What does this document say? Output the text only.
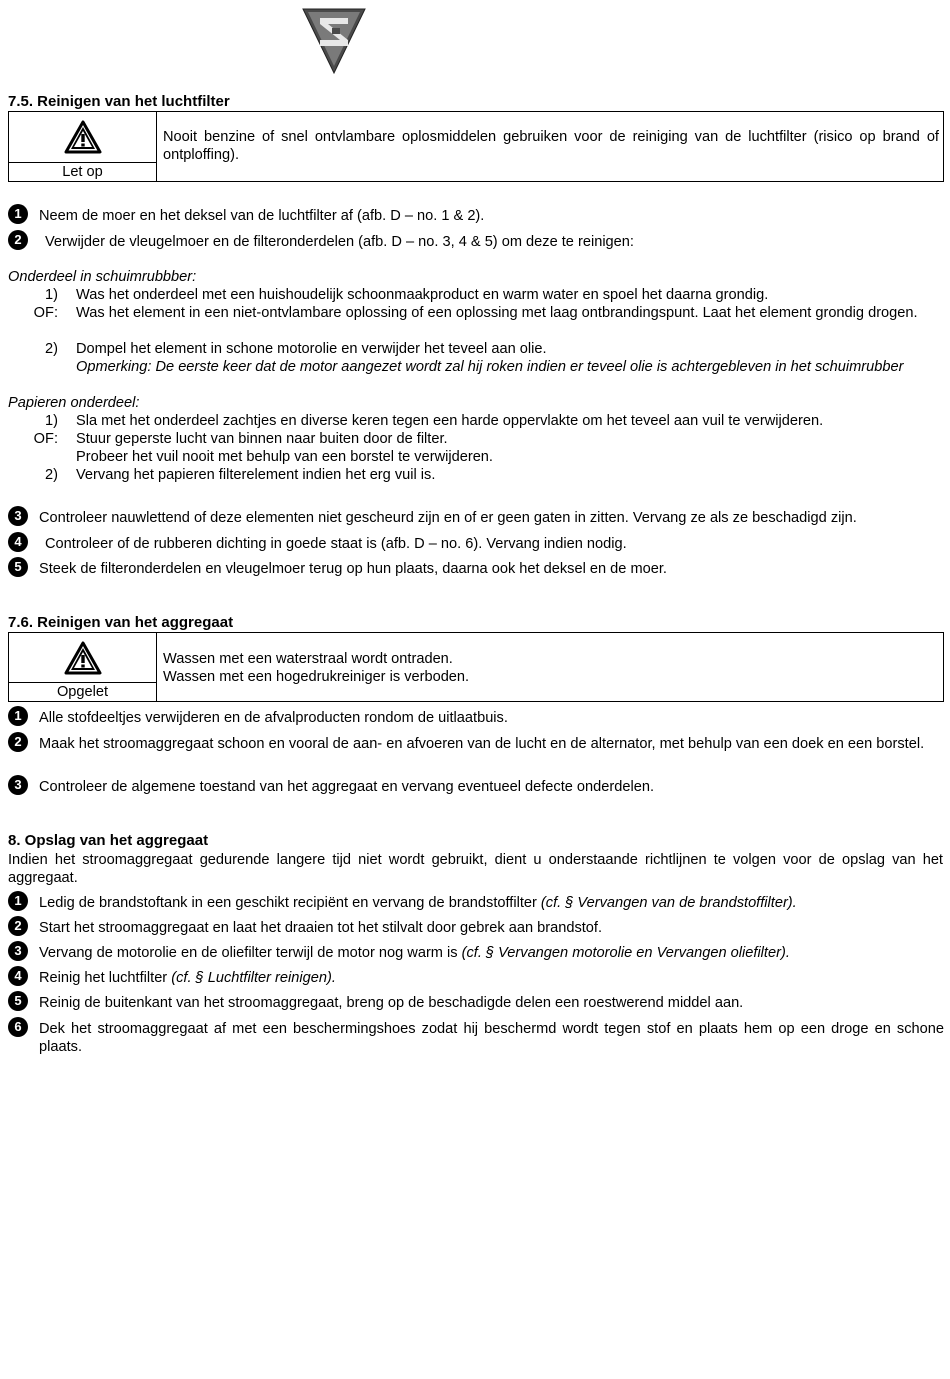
7.5. Reinigen van het luchtfilter
Let op
Nooit benzine of snel ontvlambare oplosmiddelen gebruiken voor de reiniging van de luchtfilter (risico op brand of ontploffing).
1	Neem de moer en het deksel van de luchtfilter af (afb. D – no. 1 & 2).
2	Verwijder de vleugelmoer en de filteronderdelen (afb. D – no. 3, 4 & 5) om deze te reinigen:
Onderdeel in schuimrubbber:
1) Was het onderdeel met een huishoudelijk schoonmaakproduct en warm water en spoel het daarna grondig.
OF: Was het element in een niet-ontvlambare oplossing of een oplossing met laag ontbrandingspunt. Laat het element grondig drogen.
2) Dompel het element in schone motorolie en verwijder het teveel aan olie.
Opmerking: De eerste keer dat de motor aangezet wordt zal hij roken indien er teveel olie is achtergebleven in het schuimrubber
Papieren onderdeel:
1) Sla met het onderdeel zachtjes en diverse keren tegen een harde oppervlakte om het teveel aan vuil te verwijderen.
OF: Stuur geperste lucht van binnen naar buiten door de filter.
Probeer het vuil nooit met behulp van een borstel te verwijderen.
2) Vervang het papieren filterelement indien het erg vuil is.
3	Controleer nauwlettend of deze elementen niet gescheurd zijn en of er geen gaten in zitten. Vervang ze als ze beschadigd zijn.
4	Controleer of de rubberen dichting in goede staat is (afb. D – no. 6). Vervang indien nodig.
5	Steek de filteronderdelen en vleugelmoer terug op hun plaats, daarna ook het deksel en de moer.
7.6. Reinigen van het aggregaat
Opgelet
Wassen met een waterstraal wordt ontraden.
Wassen met een hogedrukreiniger is verboden.
1	Alle stofdeeltjes verwijderen en de afvalproducten rondom de uitlaatbuis.
2	Maak het stroomaggregaat schoon en vooral de aan- en afvoeren van de lucht en de alternator, met behulp van een doek en een borstel.
3	Controleer de algemene toestand van het aggregaat en vervang eventueel defecte onderdelen.
8. Opslag van het aggregaat
Indien het stroomaggregaat gedurende langere tijd niet wordt gebruikt, dient u onderstaande richtlijnen te volgen voor de opslag van het aggregaat.
1	Ledig de brandstoftank in een geschikt recipiënt en vervang de brandstoffilter (cf. § Vervangen van de brandstoffilter).
2	Start het stroomaggregaat en laat het draaien tot het stilvalt door gebrek aan brandstof.
3	Vervang de motorolie en de oliefilter terwijl de motor nog warm is (cf. § Vervangen motorolie en Vervangen oliefilter).
4	Reinig het luchtfilter (cf. § Luchtfilter reinigen).
5	Reinig de buitenkant van het stroomaggregaat, breng op de beschadigde delen een roestwerend middel aan.
6	Dek het stroomaggregaat af met een beschermingshoes zodat hij beschermd wordt tegen stof en plaats hem op een droge en schone plaats.
